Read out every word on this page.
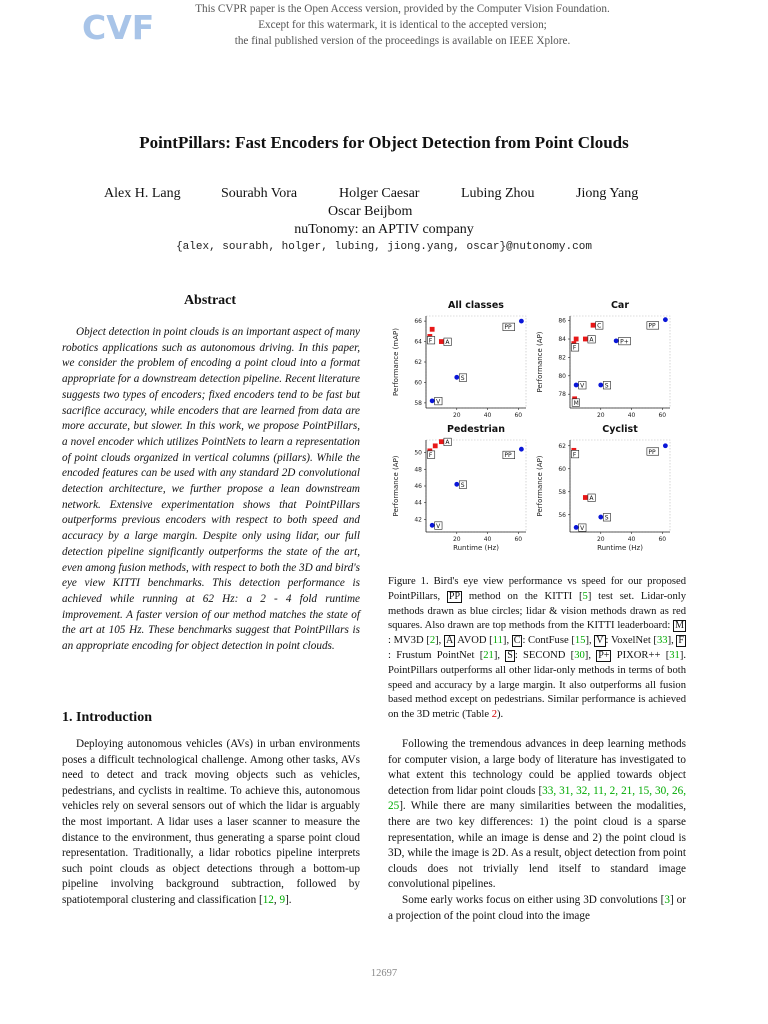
CVF	This CVPR paper is the Open Access version, provided by the Computer Vision Foundation.
Except for this watermark, it is identical to the accepted version;
the final published version of the proceedings is available on IEEE Xplore.
PointPillars: Fast Encoders for Object Detection from Point Clouds
Alex H. Lang	Sourabh Vora	Holger Caesar	Lubing Zhou	Jiong Yang
Oscar Beijbom
nuTonomy: an APTIV company
{alex, sourabh, holger, lubing, jiong.yang, oscar}@nutonomy.com
Abstract

Object detection in point clouds is an important aspect of many robotics applications such as autonomous driving. In this paper, we consider the problem of encoding a point cloud into a format appropriate for a downstream detection pipeline. Recent literature suggests two types of encoders; fixed encoders tend to be fast but sacrifice accuracy, while encoders that are learned from data are more accurate, but slower. In this work, we propose PointPillars, a novel encoder which utilizes PointNets to learn a representation of point clouds organized in vertical columns (pillars). While the encoded features can be used with any standard 2D convolutional detection architecture, we further propose a lean downstream network. Extensive experimentation shows that PointPillars outperforms previous encoders with respect to both speed and accuracy by a large margin. Despite only using lidar, our full detection pipeline significantly outperforms the state of the art, even among fusion methods, with respect to both the 3D and bird's eye view KITTI benchmarks. This detection performance is achieved while running at 62 Hz: a 2 - 4 fold runtime improvement. A faster version of our method matches the state of the art at 105 Hz. These benchmarks suggest that PointPillars is an appropriate encoding for object detection in point clouds.

1. Introduction

Deploying autonomous vehicles (AVs) in urban environments poses a difficult technological challenge. Among other tasks, AVs need to detect and track moving objects such as vehicles, pedestrians, and cyclists in realtime. To achieve this, autonomous vehicles rely on several sensors out of which the lidar is arguably the most important. A lidar uses a laser scanner to measure the distance to the environment, thus generating a sparse point cloud representation. Traditionally, a lidar robotics pipeline interprets such point clouds as object detections through a bottom-up pipeline involving background subtraction, followed by spatiotemporal clustering and classification [12, 9].

All classes
58
60
62
64
66
20	40	60
Performance (mAP)
PP
F A
S
V
Car
78
80
82
84
86
20	40	60
Performance (AP)
PP
C
P+
F
A
V	S
M
Pedestrian
42
44
46
48
50
20	40	60
Performance (AP)
Runtime (Hz)
PP
A
F
S
V
Cyclist
56
58
60
62
20	40	60
Performance (AP)
Runtime (Hz)
PP
F
A
S
V

Figure 1. Bird's eye view performance vs speed for our proposed PointPillars, PP method on the KITTI [5] test set. Lidar-only methods drawn as blue circles; lidar & vision methods drawn as red squares. Also drawn are top methods from the KITTI leaderboard: M: MV3D [2], A AVOD [11], C : ContFuse [15], V : VoxelNet [33], F: Frustum PointNet [21], S : SECOND [30], P+ PIXOR++ [31]. PointPillars outperforms all other lidar-only methods in terms of both speed and accuracy by a large margin. It also outperforms all fusion based method except on pedestrians. Similar performance is achieved on the 3D metric (Table 2).

Following the tremendous advances in deep learning methods for computer vision, a large body of literature has investigated to what extent this technology could be applied towards object detection from lidar point clouds [33, 31, 32, 11, 2, 21, 15, 30, 26, 25]. While there are many similarities between the modalities, there are two key differences: 1) the point cloud is a sparse representation, while an image is dense and 2) the point cloud is 3D, while the image is 2D. As a result, object detection from point clouds does not trivially lend itself to standard image convolutional pipelines.

Some early works focus on either using 3D convolutions [3] or a projection of the point cloud into the image

12697
